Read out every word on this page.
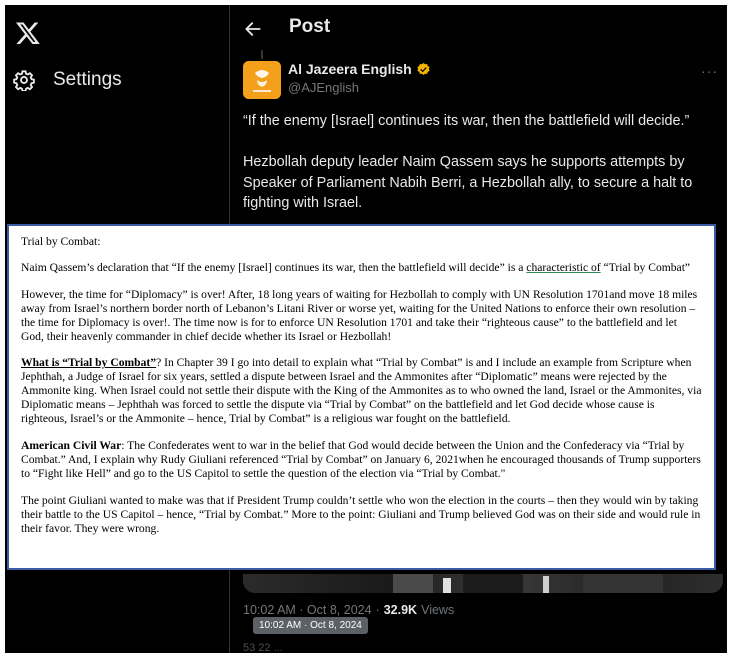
Settings
Post
Al Jazeera English
@AJEnglish
···
“If the enemy [Israel] continues its war, then the battlefield will decide.”
Hezbollah deputy leader Naim Qassem says he supports attempts by Speaker of Parliament Nabih Berri, a Hezbollah ally, to secure a halt to fighting with Israel.
10:02 AM · Oct 8, 2024 · 32.9K Views
10:02 AM · Oct 8, 2024
53 22 ...

Trial by Combat:

Naim Qassem’s declaration that “If the enemy [Israel] continues its war, then the battlefield will decide” is a characteristic of “Trial by Combat”

However, the time for “Diplomacy” is over! After, 18 long years of waiting for Hezbollah to comply with UN Resolution 1701and move 18 miles away from Israel’s northern border north of Lebanon’s Litani River or worse yet, waiting for the United Nations to enforce their own resolution – the time for Diplomacy is over!. The time now is for to enforce UN Resolution 1701 and take their “righteous cause” to the battlefield and let God, their heavenly commander in chief decide whether its Israel or Hezbollah!

What is “Trial by Combat”? In Chapter 39 I go into detail to explain what “Trial by Combat” is and I include an example from Scripture when Jephthah, a Judge of Israel for six years, settled a dispute between Israel and the Ammonites after “Diplomatic” means were rejected by the Ammonite king. When Israel could not settle their dispute with the King of the Ammonites as to who owned the land, Israel or the Ammonites, via Diplomatic means – Jephthah was forced to settle the dispute via “Trial by Combat” on the battlefield and let God decide whose cause is righteous, Israel’s or the Ammonite – hence, Trial by Combat” is a religious war fought on the battlefield.

American Civil War: The Confederates went to war in the belief that God would decide between the Union and the Confederacy via “Trial by Combat.” And, I explain why Rudy Giuliani referenced “Trial by Combat” on January 6, 2021when he encouraged thousands of Trump supporters to “Fight like Hell” and go to the US Capitol to settle the question of the election via “Trial by Combat."

The point Giuliani wanted to make was that if President Trump couldn’t settle who won the election in the courts – then they would win by taking their battle to the US Capitol – hence, “Trial by Combat.” More to the point: Giuliani and Trump believed God was on their side and would rule in their favor. They were wrong.
